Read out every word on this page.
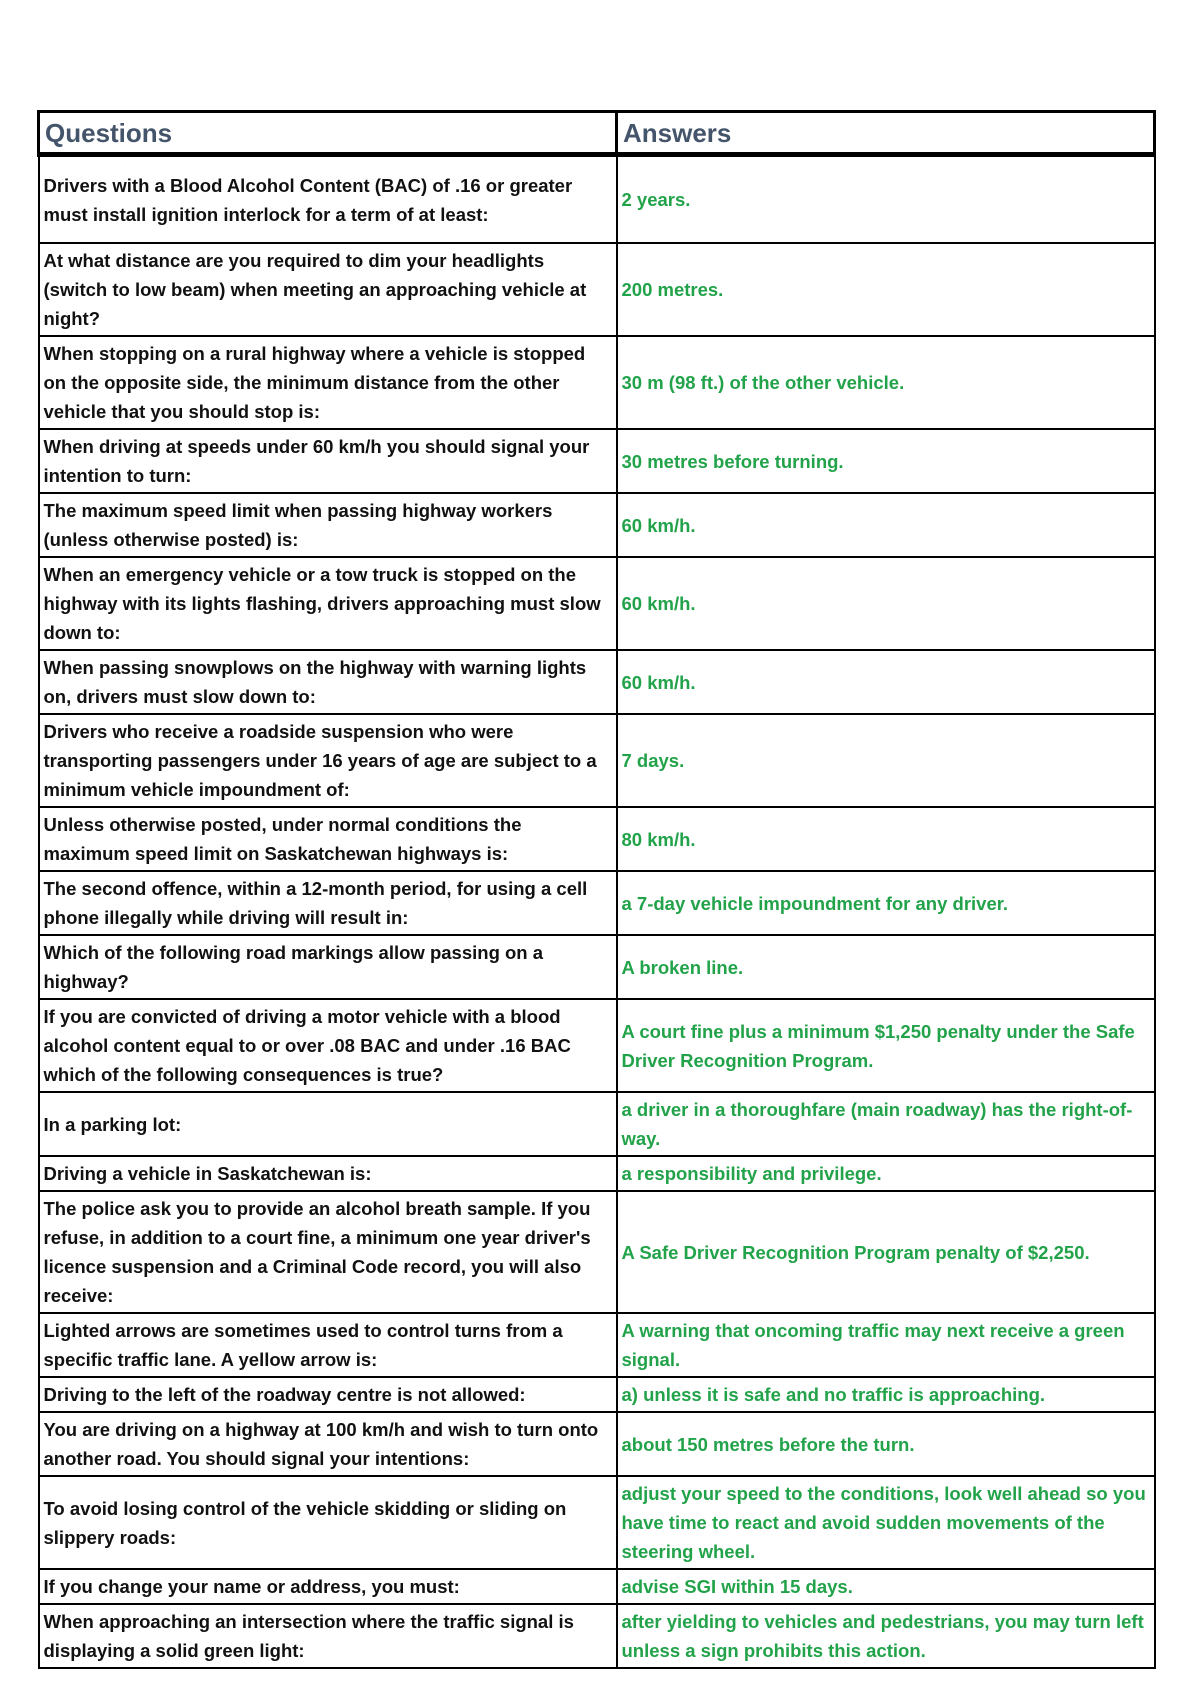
Questions	Answers
Drivers with a Blood Alcohol Content (BAC) of .16 or greater must install ignition interlock for a term of at least:	2 years.
At what distance are you required to dim your headlights (switch to low beam) when meeting an approaching vehicle at night?	200 metres.
When stopping on a rural highway where a vehicle is stopped on the opposite side, the minimum distance from the other vehicle that you should stop is:	30 m (98 ft.) of the other vehicle.
When driving at speeds under 60 km/h you should signal your intention to turn:	30 metres before turning.
The maximum speed limit when passing highway workers (unless otherwise posted) is:	60 km/h.
When an emergency vehicle or a tow truck is stopped on the highway with its lights flashing, drivers approaching must slow down to:	60 km/h.
When passing snowplows on the highway with warning lights on, drivers must slow down to:	60 km/h.
Drivers who receive a roadside suspension who were transporting passengers under 16 years of age are subject to a minimum vehicle impoundment of:	7 days.
Unless otherwise posted, under normal conditions the maximum speed limit on Saskatchewan highways is:	80 km/h.
The second offence, within a 12-month period, for using a cell phone illegally while driving will result in:	a 7-day vehicle impoundment for any driver.
Which of the following road markings allow passing on a highway?	A broken line.
If you are convicted of driving a motor vehicle with a blood alcohol content equal to or over .08 BAC and under .16 BAC which of the following consequences is true?	A court fine plus a minimum $1,250 penalty under the Safe Driver Recognition Program.
In a parking lot:	a driver in a thoroughfare (main roadway) has the right-of-way.
Driving a vehicle in Saskatchewan is:	a responsibility and privilege.
The police ask you to provide an alcohol breath sample. If you refuse, in addition to a court fine, a minimum one year driver's licence suspension and a Criminal Code record, you will also receive:	A Safe Driver Recognition Program penalty of $2,250.
Lighted arrows are sometimes used to control turns from a specific traffic lane. A yellow arrow is:	A warning that oncoming traffic may next receive a green signal.
Driving to the left of the roadway centre is not allowed:	a) unless it is safe and no traffic is approaching.
You are driving on a highway at 100 km/h and wish to turn onto another road. You should signal your intentions:	about 150 metres before the turn.
To avoid losing control of the vehicle skidding or sliding on slippery roads:	adjust your speed to the conditions, look well ahead so you have time to react and avoid sudden movements of the steering wheel.
If you change your name or address, you must:	advise SGI within 15 days.
When approaching an intersection where the traffic signal is displaying a solid green light:	after yielding to vehicles and pedestrians, you may turn left unless a sign prohibits this action.
